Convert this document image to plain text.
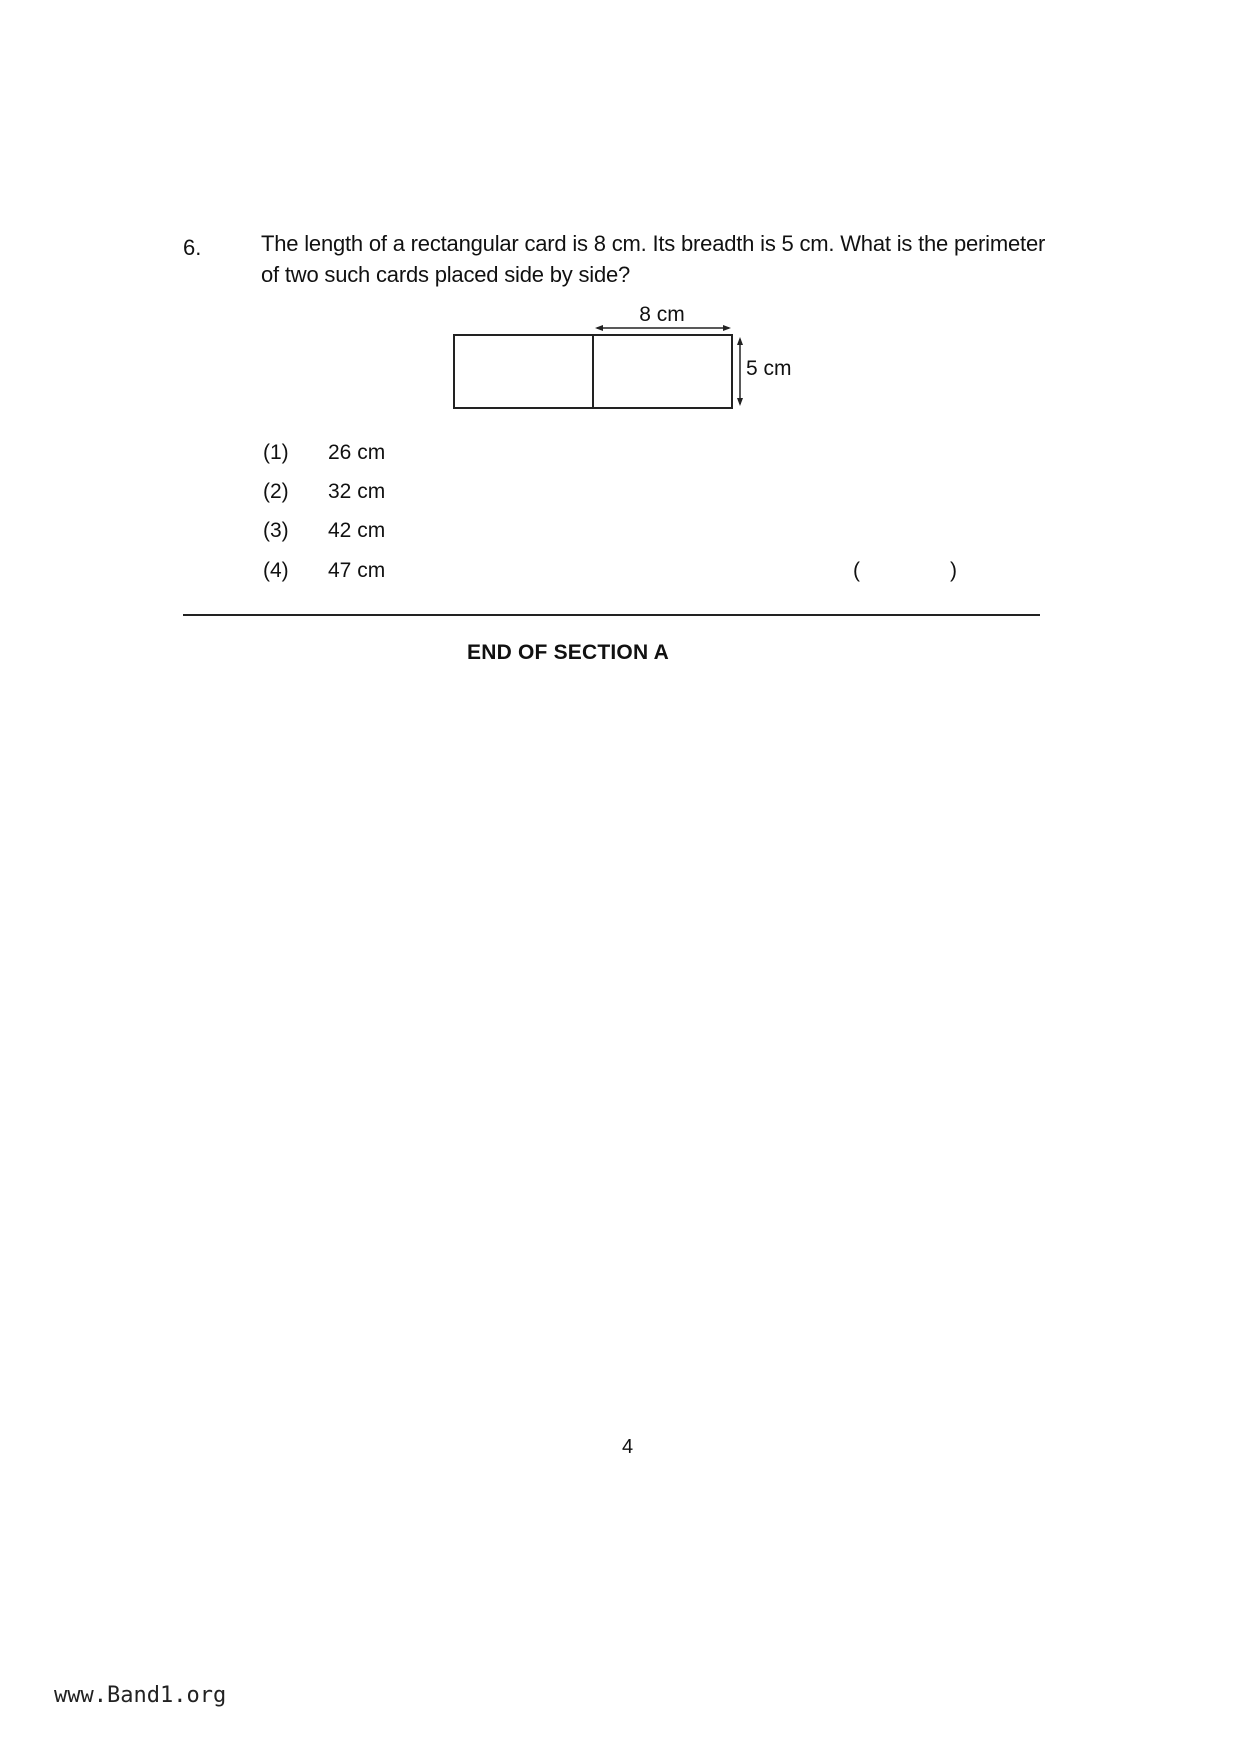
6.	The length of a rectangular card is 8 cm. Its breadth is 5 cm. What is the perimeter of two such cards placed side by side?
8 cm
5 cm
(1) 26 cm
(2) 32 cm
(3) 42 cm
(4) 47 cm	(	)
END OF SECTION A
4
www.Band1.org
